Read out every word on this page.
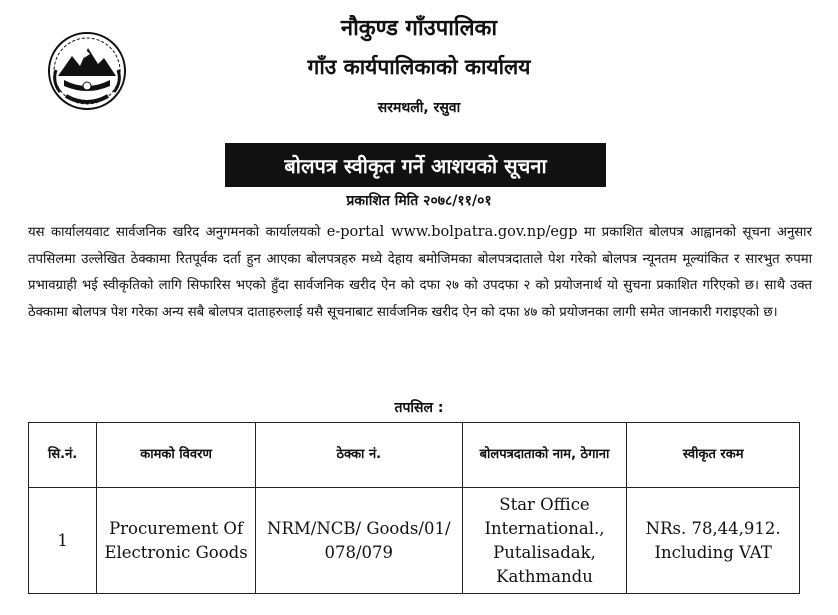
नौकुण्ड गाँउपालिका

गाँउ कार्यपालिकाको कार्यालय

सरमथली, रसुवा

बोलपत्र स्वीकृत गर्ने आशयको सूचना
प्रकाशित मिति २०७८/११/०१

यस कार्यालयवाट सार्वजनिक खरिद अनुगमनको कार्यालयको e-portal www.bolpatra.gov.np/egp मा प्रकाशित बोलपत्र आह्वानको सूचना अनुसार तपसिलमा उल्लेखित ठेक्कामा रितपूर्वक दर्ता हुन आएका बोलपत्रहरु मध्ये देहाय बमोजिमका बोलपत्रदाताले पेश गरेको बोलपत्र न्यूनतम मूल्यांकित र सारभुत रुपमा प्रभावग्राही भई स्वीकृतिको लागि सिफारिस भएको हुँदा सार्वजनिक खरीद ऐन को दफा २७ को उपदफा २ को प्रयोजनार्थ यो सुचना प्रकाशित गरिएको छ। साथै उक्त ठेक्कामा बोलपत्र पेश गरेका अन्य सबै बोलपत्र दाताहरुलाई यसै सूचनाबाट सार्वजनिक खरीद ऐन को दफा ४७ को प्रयोजनका लागी समेत जानकारी गराइएको छ।

तपसिल :
सि.नं.	कामको विवरण	ठेक्का नं.	बोलपत्रदाताको नाम, ठेगाना	स्वीकृत रकम
1	Procurement Of Electronic Goods	NRM/NCB/ Goods/01/ 078/079	Star Office International., Putalisadak, Kathmandu	NRs. 78,44,912. Including VAT
